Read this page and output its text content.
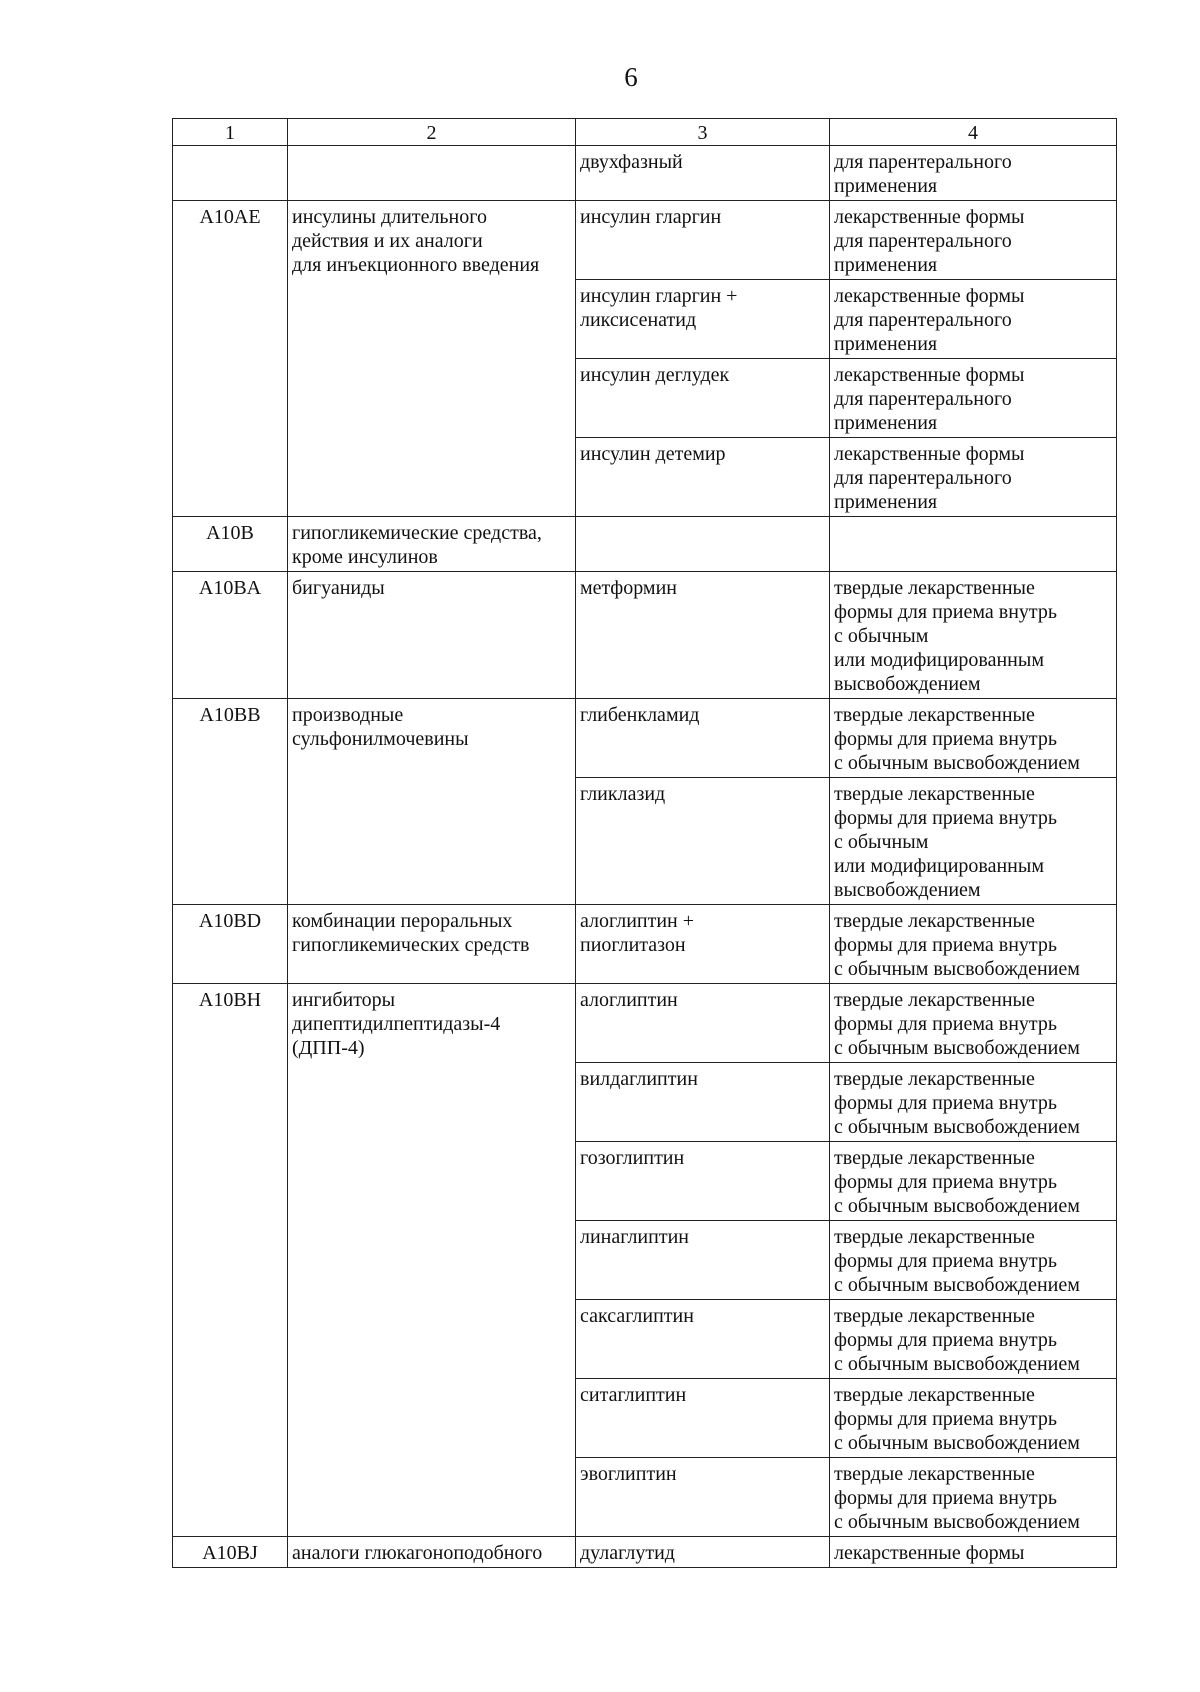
6
1	2	3	4
		двухфазный	для парентерального
применения
A10AE	инсулины длительного
действия и их аналоги
для инъекционного введения	инсулин гларгин	лекарственные формы
для парентерального
применения
		инсулин гларгин +
ликсисенатид	лекарственные формы
для парентерального
применения
		инсулин деглудек	лекарственные формы
для парентерального
применения
		инсулин детемир	лекарственные формы
для парентерального
применения
A10B	гипогликемические средства,
кроме инсулинов		
A10BA	бигуаниды	метформин	твердые лекарственные
формы для приема внутрь
с обычным
или модифицированным
высвобождением
A10BB	производные
сульфонилмочевины	глибенкламид	твердые лекарственные
формы для приема внутрь
с обычным высвобождением
		гликлазид	твердые лекарственные
формы для приема внутрь
с обычным
или модифицированным
высвобождением
A10BD	комбинации пероральных
гипогликемических средств	алоглиптин +
пиоглитазон	твердые лекарственные
формы для приема внутрь
с обычным высвобождением
A10BH	ингибиторы
дипептидилпептидазы-4
(ДПП-4)	алоглиптин	твердые лекарственные
формы для приема внутрь
с обычным высвобождением
		вилдаглиптин	твердые лекарственные
формы для приема внутрь
с обычным высвобождением
		гозоглиптин	твердые лекарственные
формы для приема внутрь
с обычным высвобождением
		линаглиптин	твердые лекарственные
формы для приема внутрь
с обычным высвобождением
		саксаглиптин	твердые лекарственные
формы для приема внутрь
с обычным высвобождением
		ситаглиптин	твердые лекарственные
формы для приема внутрь
с обычным высвобождением
		эвоглиптин	твердые лекарственные
формы для приема внутрь
с обычным высвобождением
A10BJ	аналоги глюкагоноподобного	дулаглутид	лекарственные формы
